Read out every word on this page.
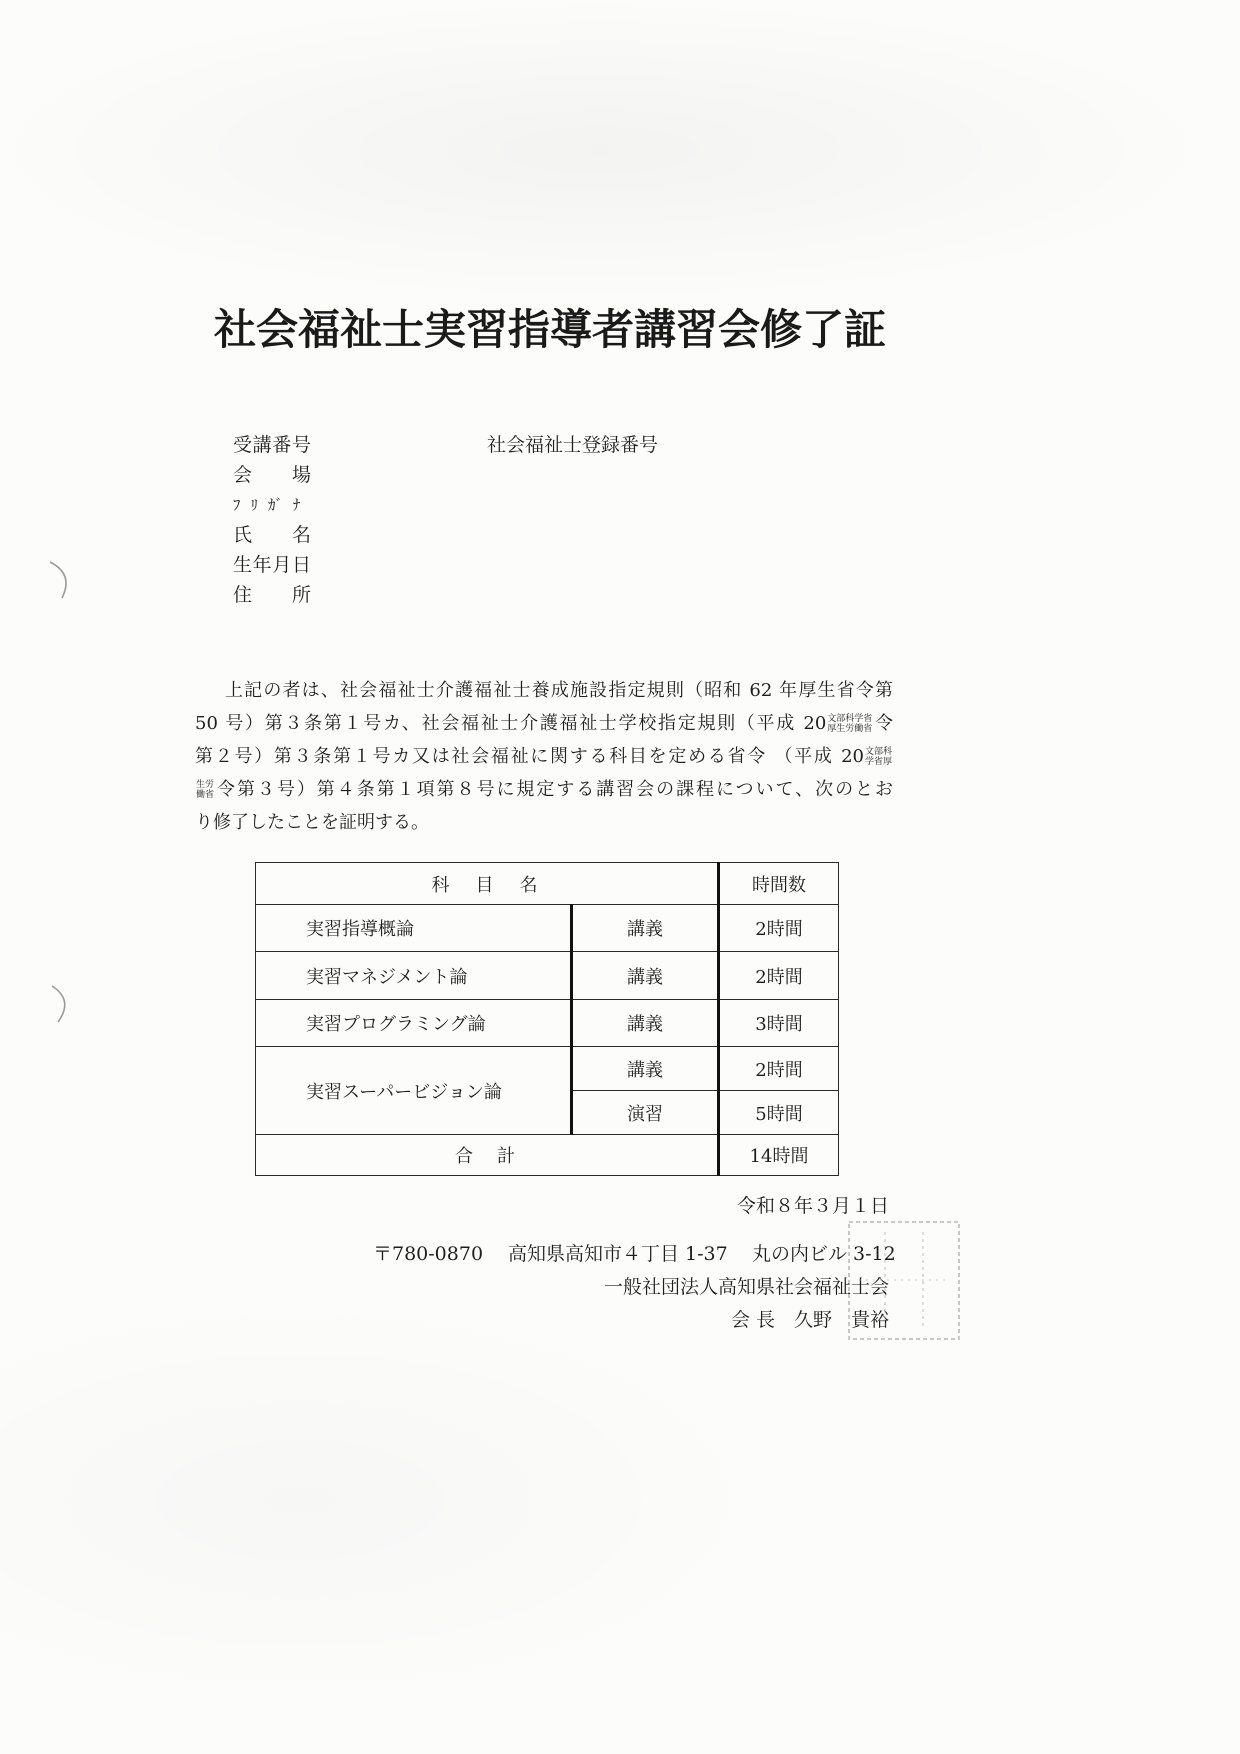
社会福祉士実習指導者講習会修了証
受講番号
会　場
ﾌﾘｶﾞﾅ
氏　名
生年月日
住　所
社会福祉士登録番号
上記の者は、社会福祉士介護福祉士養成施設指定規則（昭和 62 年厚生省令第
50 号）第３条第１号カ、社会福祉士介護福祉士学校指定規則（平成 20 文部科学省
厚生労働省 令
第２号）第３条第１号カ又は社会福祉に関する科目を定める省令 （平成 20 文部科
学省厚
生労
働省 令第３号）第４条第１項第８号に規定する講習会の課程について、次のとお
り修了したことを証明する。
科　目　名		時間数
実習指導概論	講義	2時間
実習マネジメント論	講義	2時間
実習プログラミング論	講義	3時間
実習スーパービジョン論	講義	2時間
	演習	5時間
合　計		14時間
令和８年３月１日
〒780-0870 高知県高知市４丁目 1-37 丸の内ビル 3-12
一般社団法人高知県社会福祉士会
会 長　久野　貴裕
